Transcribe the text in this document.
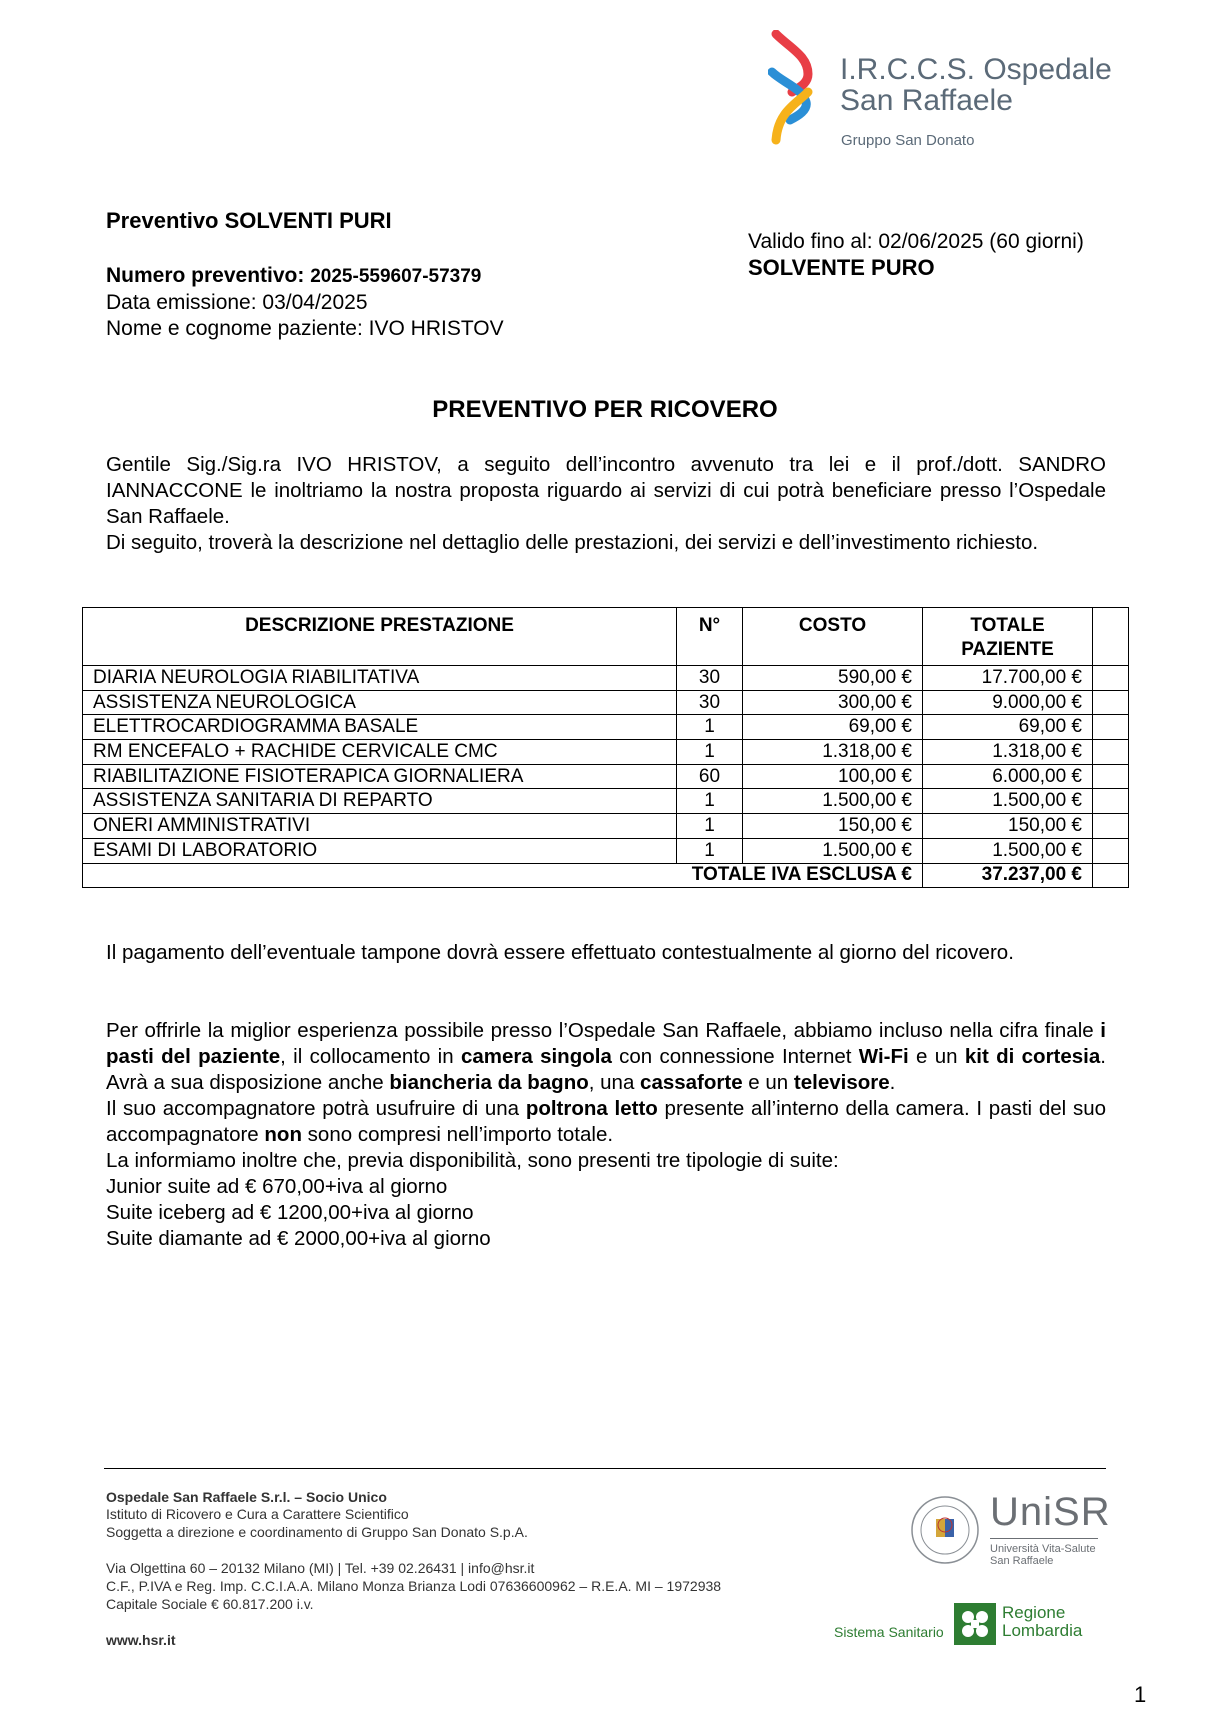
I.R.C.C.S. Ospedale
San Raffaele
Gruppo San Donato
Preventivo SOLVENTI PURI
Numero preventivo: 2025-559607-57379
Data emissione: 03/04/2025
Nome e cognome paziente: IVO HRISTOV
Valido fino al: 02/06/2025 (60 giorni)
SOLVENTE PURO
PREVENTIVO PER RICOVERO

Gentile Sig./Sig.ra IVO HRISTOV, a seguito dell’incontro avvenuto tra lei e il prof./dott. SANDRO IANNACCONE le inoltriamo la nostra proposta riguardo ai servizi di cui potrà beneficiare presso l’Ospedale San Raffaele.

Di seguito, troverà la descrizione nel dettaglio delle prestazioni, dei servizi e dell’investimento richiesto.

DESCRIZIONE PRESTAZIONE	N°	COSTO	TOTALE
PAZIENTE	
DIARIA NEUROLOGIA RIABILITATIVA	30	590,00 €	17.700,00 €	
ASSISTENZA NEUROLOGICA	30	300,00 €	9.000,00 €	
ELETTROCARDIOGRAMMA BASALE	1	69,00 €	69,00 €	
RM ENCEFALO + RACHIDE CERVICALE CMC	1	1.318,00 €	1.318,00 €	
RIABILITAZIONE FISIOTERAPICA GIORNALIERA	60	100,00 €	6.000,00 €	
ASSISTENZA SANITARIA DI REPARTO	1	1.500,00 €	1.500,00 €	
ONERI AMMINISTRATIVI	1	150,00 €	150,00 €	
ESAMI DI LABORATORIO	1	1.500,00 €	1.500,00 €	
TOTALE IVA ESCLUSA €			37.237,00 €	
Il pagamento dell’eventuale tampone dovrà essere effettuato contestualmente al giorno del ricovero.

Per offrirle la miglior esperienza possibile presso l’Ospedale San Raffaele, abbiamo incluso nella cifra finale i pasti del paziente, il collocamento in camera singola con connessione Internet Wi-Fi e un kit di cortesia. Avrà a sua disposizione anche biancheria da bagno, una cassaforte e un televisore.

Il suo accompagnatore potrà usufruire di una poltrona letto presente all’interno della camera. I pasti del suo accompagnatore non sono compresi nell’importo totale.

La informiamo inoltre che, previa disponibilità, sono presenti tre tipologie di suite:

Junior suite ad € 670,00+iva al giorno

Suite iceberg ad € 1200,00+iva al giorno

Suite diamante ad € 2000,00+iva al giorno

Ospedale San Raffaele S.r.l. – Socio Unico
Istituto di Ricovero e Cura a Carattere Scientifico
Soggetta a direzione e coordinamento di Gruppo San Donato S.p.A.
Via Olgettina 60 – 20132 Milano (MI) | Tel. +39 02.26431 | info@hsr.it
C.F., P.IVA e Reg. Imp. C.C.I.A.A. Milano Monza Brianza Lodi 07636600962 – R.E.A. MI – 1972938
Capitale Sociale € 60.817.200 i.v.
www.hsr.it
UniSR
Università Vita-Salute
San Raffaele
Sistema Sanitario
Regione
Lombardia
1
